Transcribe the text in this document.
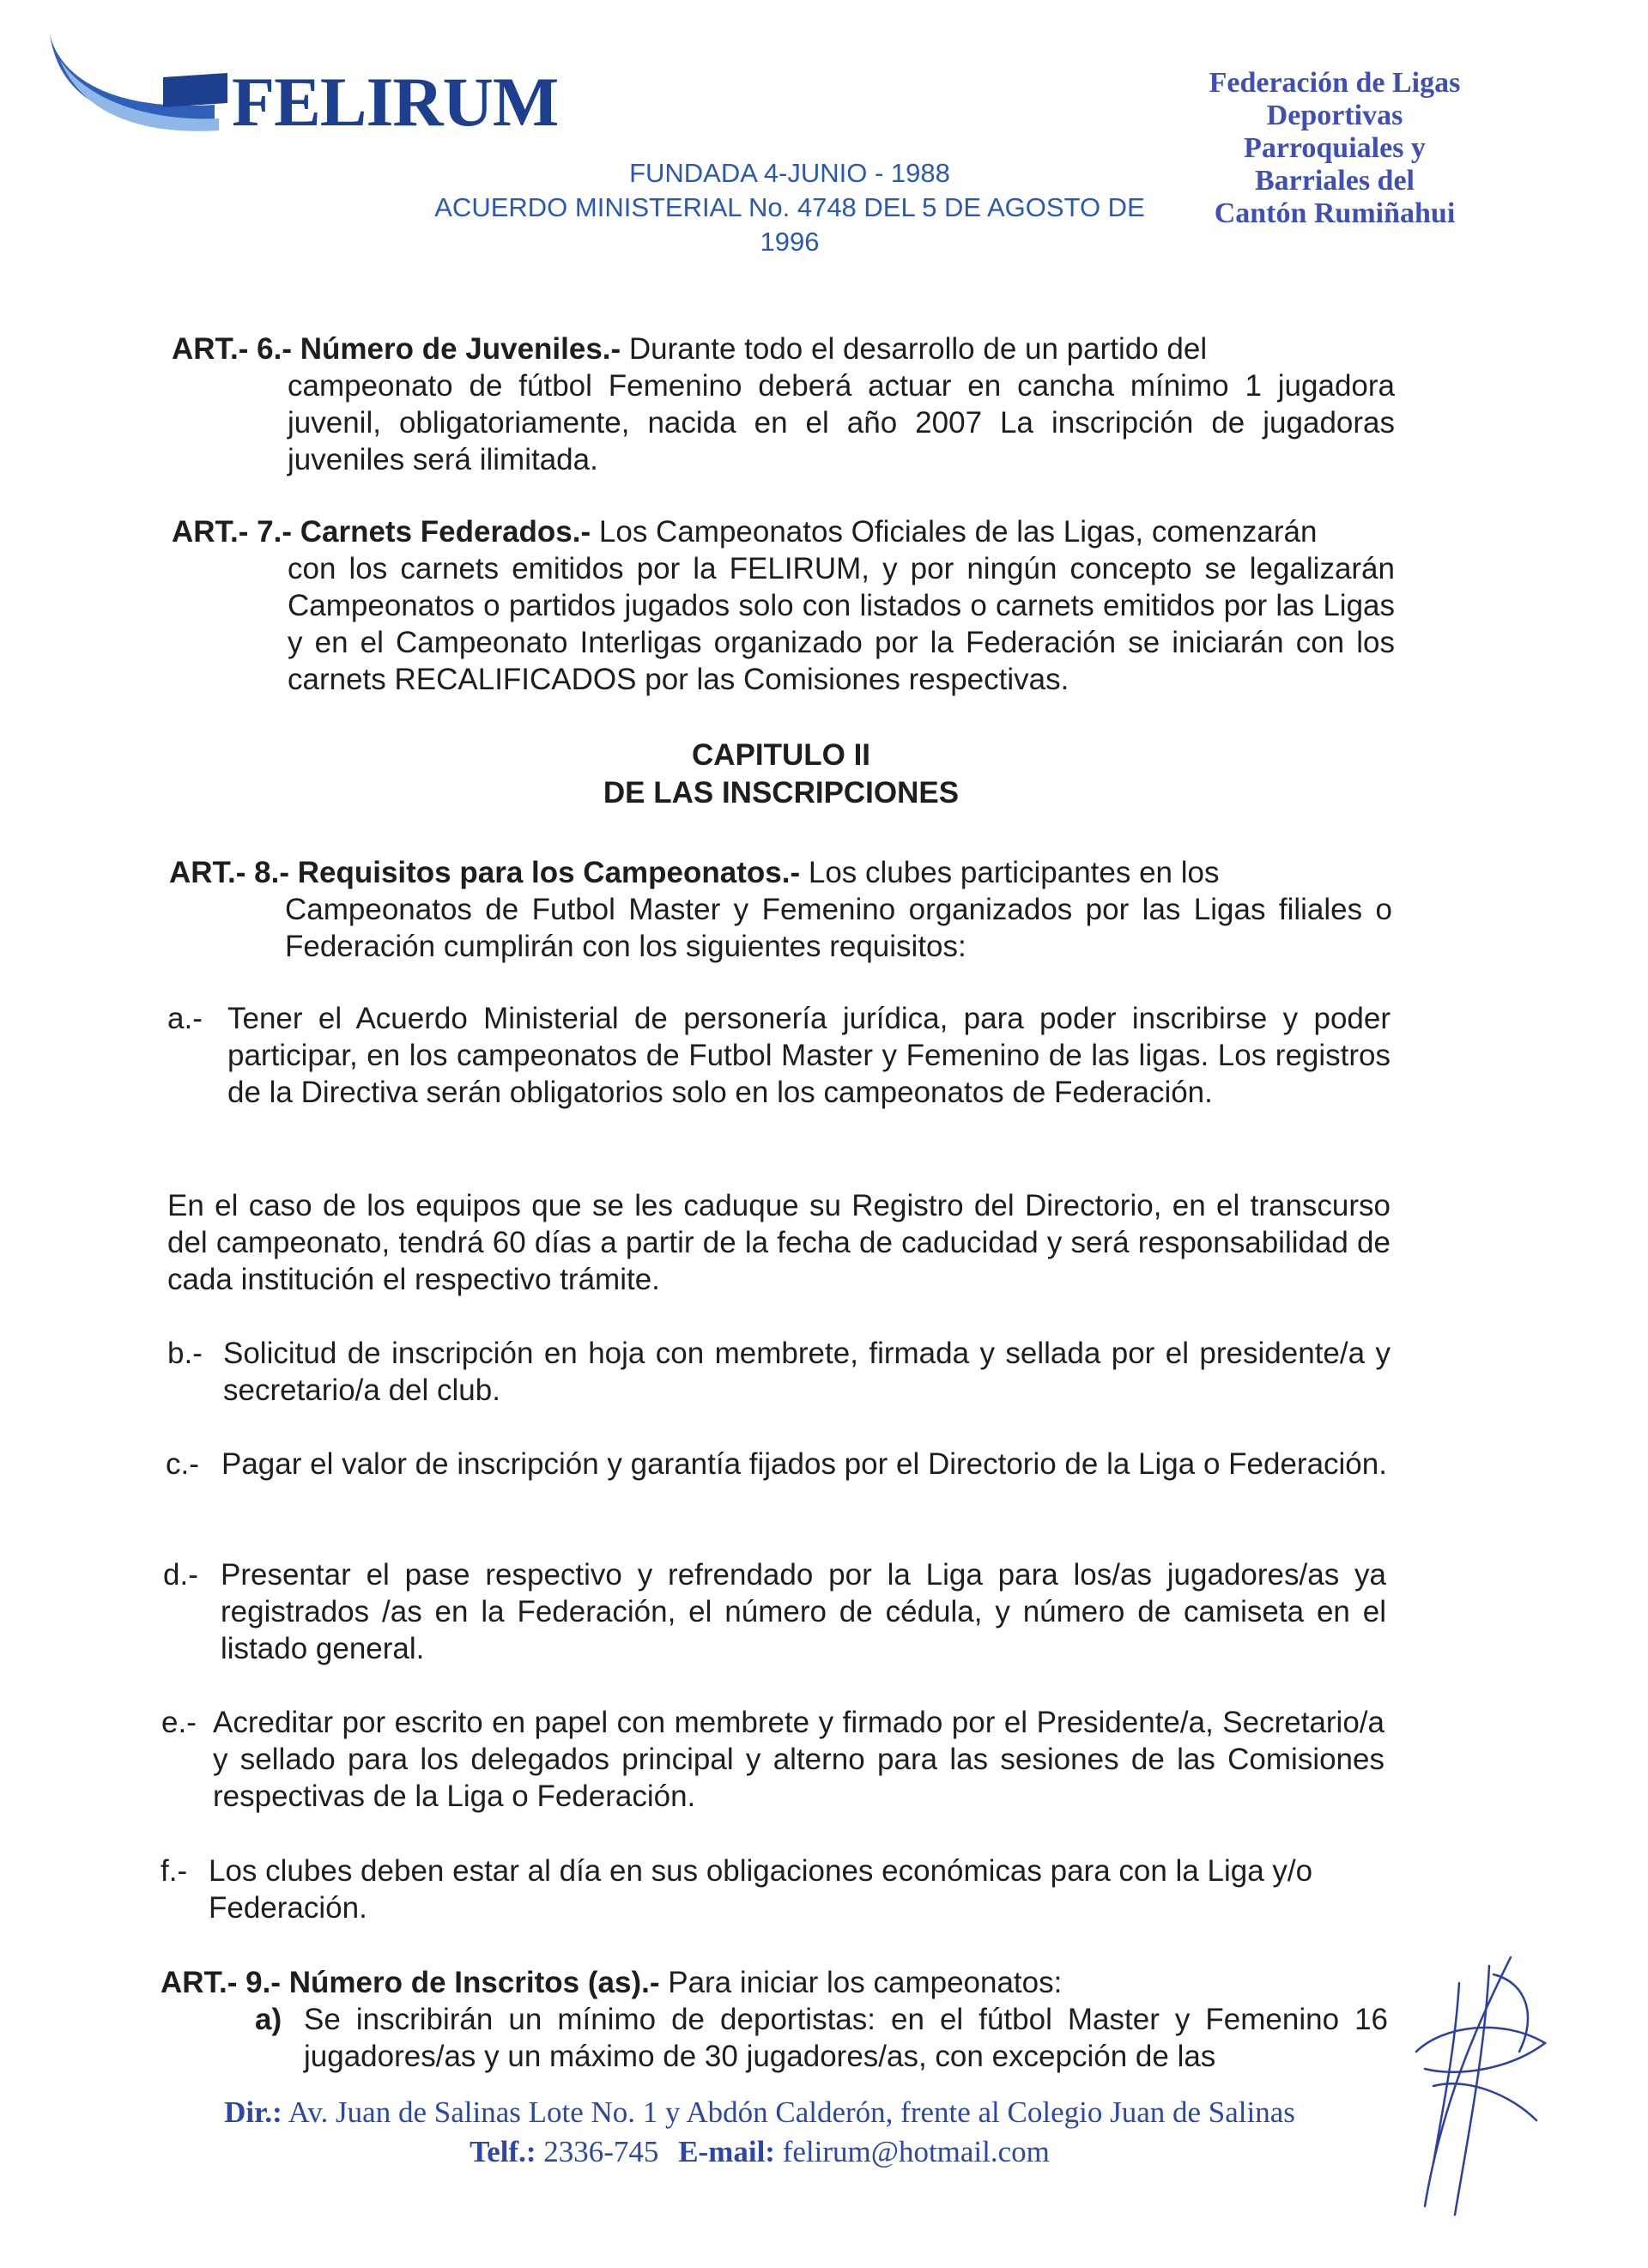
FELIRUM
FUNDADA 4-JUNIO - 1988
ACUERDO MINISTERIAL No. 4748 DEL 5 DE AGOSTO DE 1996
Federación de Ligas
Deportivas
Parroquiales y
Barriales del
Cantón Rumiñahui
ART.- 6.- Número de Juveniles.- Durante todo el desarrollo de un partido del
campeonato de fútbol Femenino deberá actuar en cancha mínimo 1 jugadora juvenil, obligatoriamente, nacida en el año 2007 La inscripción de jugadoras juveniles será ilimitada.
ART.- 7.- Carnets Federados.- Los Campeonatos Oficiales de las Ligas, comenzarán
con los carnets emitidos por la FELIRUM, y por ningún concepto se legalizarán Campeonatos o partidos jugados solo con listados o carnets emitidos por las Ligas y en el Campeonato Interligas organizado por la Federación se iniciarán con los carnets RECALIFICADOS por las Comisiones respectivas.
CAPITULO II
DE LAS INSCRIPCIONES
ART.- 8.- Requisitos para los Campeonatos.- Los clubes participantes en los
Campeonatos de Futbol Master y Femenino organizados por las Ligas filiales o Federación cumplirán con los siguientes requisitos:
a.- Tener el Acuerdo Ministerial de personería jurídica, para poder inscribirse y poder participar, en los campeonatos de Futbol Master y Femenino de las ligas. Los registros de la Directiva serán obligatorios solo en los campeonatos de Federación.
En el caso de los equipos que se les caduque su Registro del Directorio, en el transcurso del campeonato, tendrá 60 días a partir de la fecha de caducidad y será responsabilidad de cada institución el respectivo trámite.
b.- Solicitud de inscripción en hoja con membrete, firmada y sellada por el presidente/a y secretario/a del club.
c.- Pagar el valor de inscripción y garantía fijados por el Directorio de la Liga o Federación.
d.- Presentar el pase respectivo y refrendado por la Liga para los/as jugadores/as ya registrados /as en la Federación, el número de cédula, y número de camiseta en el listado general.
e.- Acreditar por escrito en papel con membrete y firmado por el Presidente/a, Secretario/a y sellado para los delegados principal y alterno para las sesiones de las Comisiones respectivas de la Liga o Federación.
f.- Los clubes deben estar al día en sus obligaciones económicas para con la Liga y/o Federación.
ART.- 9.- Número de Inscritos (as).- Para iniciar los campeonatos:
a) Se inscribirán un mínimo de deportistas: en el fútbol Master y Femenino 16 jugadores/as y un máximo de 30 jugadores/as, con excepción de las
Dir.: Av. Juan de Salinas Lote No. 1 y Abdón Calderón, frente al Colegio Juan de Salinas
Telf.: 2336-745 E-mail: felirum@hotmail.com
